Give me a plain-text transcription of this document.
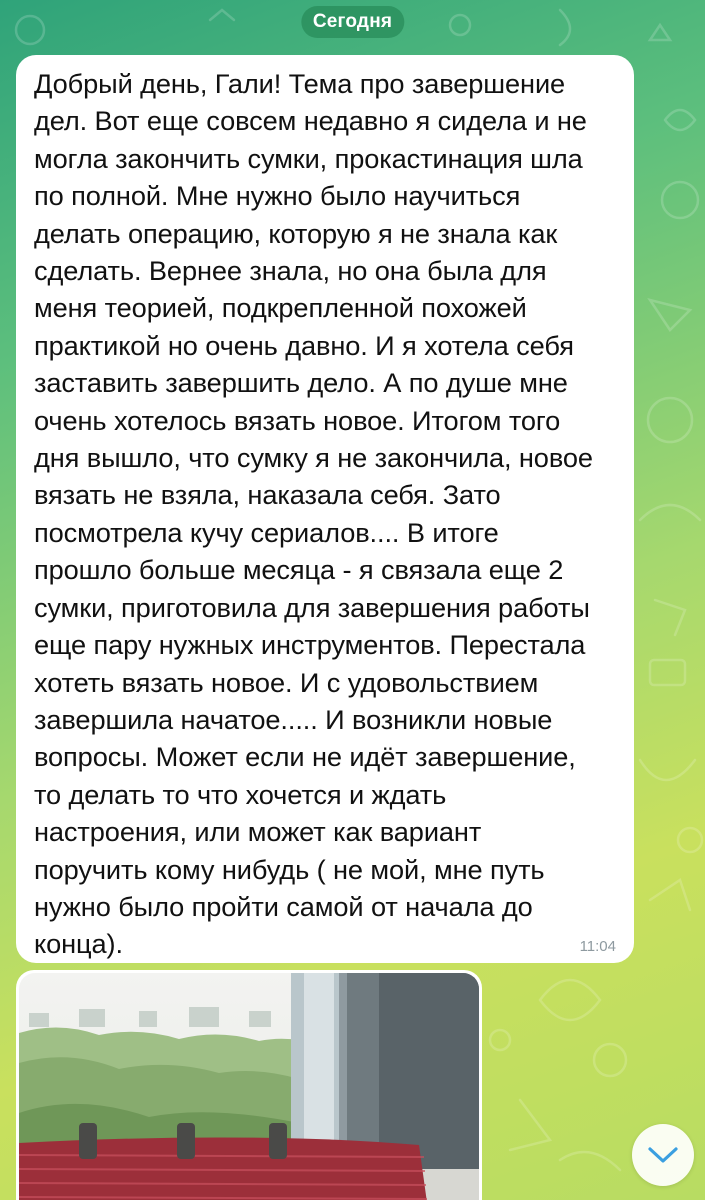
Сегодня
Добрый день, Гали! Тема про завершение
дел. Вот еще совсем недавно я сидела и не
могла закончить сумки, прокастинация шла
по полной. Мне нужно было научиться
делать операцию, которую я не знала как
сделать. Вернее знала, но она была для
меня теорией, подкрепленной похожей
практикой но очень давно. И я хотела себя
заставить завершить дело. А по душе мне
очень хотелось вязать новое. Итогом того
дня вышло, что сумку я не закончила, новое
вязать не взяла, наказала себя. Зато
посмотрела кучу сериалов.... В итоге
прошло больше месяца - я связала еще 2
сумки, приготовила для завершения работы
еще пару нужных инструментов. Перестала
хотеть вязать новое. И с удовольствием
завершила начатое..... И возникли новые
вопросы. Может если не идёт завершение,
то делать то что хочется и ждать
настроения, или может как вариант
поручить кому нибудь ( не мой, мне путь
нужно было пройти самой от начала до
конца).	11:04
